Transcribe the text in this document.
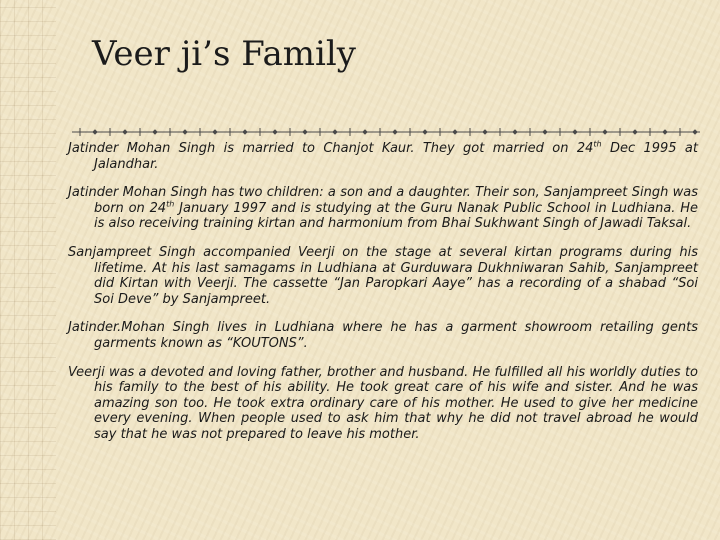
Veer ji’s Family

Jatinder Mohan Singh is married to Chanjot Kaur. They got married on 24th Dec 1995 at Jalandhar.

Jatinder Mohan Singh has two children: a son and a daughter. Their son, Sanjampreet Singh was born on 24th January 1997 and is studying at the Guru Nanak Public School in Ludhiana. He is also receiving training kirtan and harmonium from Bhai Sukhwant Singh of Jawadi Taksal.

Sanjampreet Singh accompanied Veerji on the stage at several kirtan programs during his lifetime. At his last samagams in Ludhiana at Gurduwara Dukhniwaran Sahib, Sanjampreet did Kirtan with Veerji. The cassette “Jan Paropkari Aaye” has a recording of a shabad “Soi Soi Deve” by Sanjampreet.

Jatinder.Mohan Singh lives in Ludhiana where he has a garment showroom retailing gents garments known as “KOUTONS”.

Veerji was a devoted and loving father, brother and husband. He fulfilled all his worldly duties to his family to the best of his ability. He took great care of his wife and sister. And he was amazing son too. He took extra ordinary care of his mother. He used to give her medicine every evening. When people used to ask him that why he did not travel abroad he would say that he was not prepared to leave his mother.
